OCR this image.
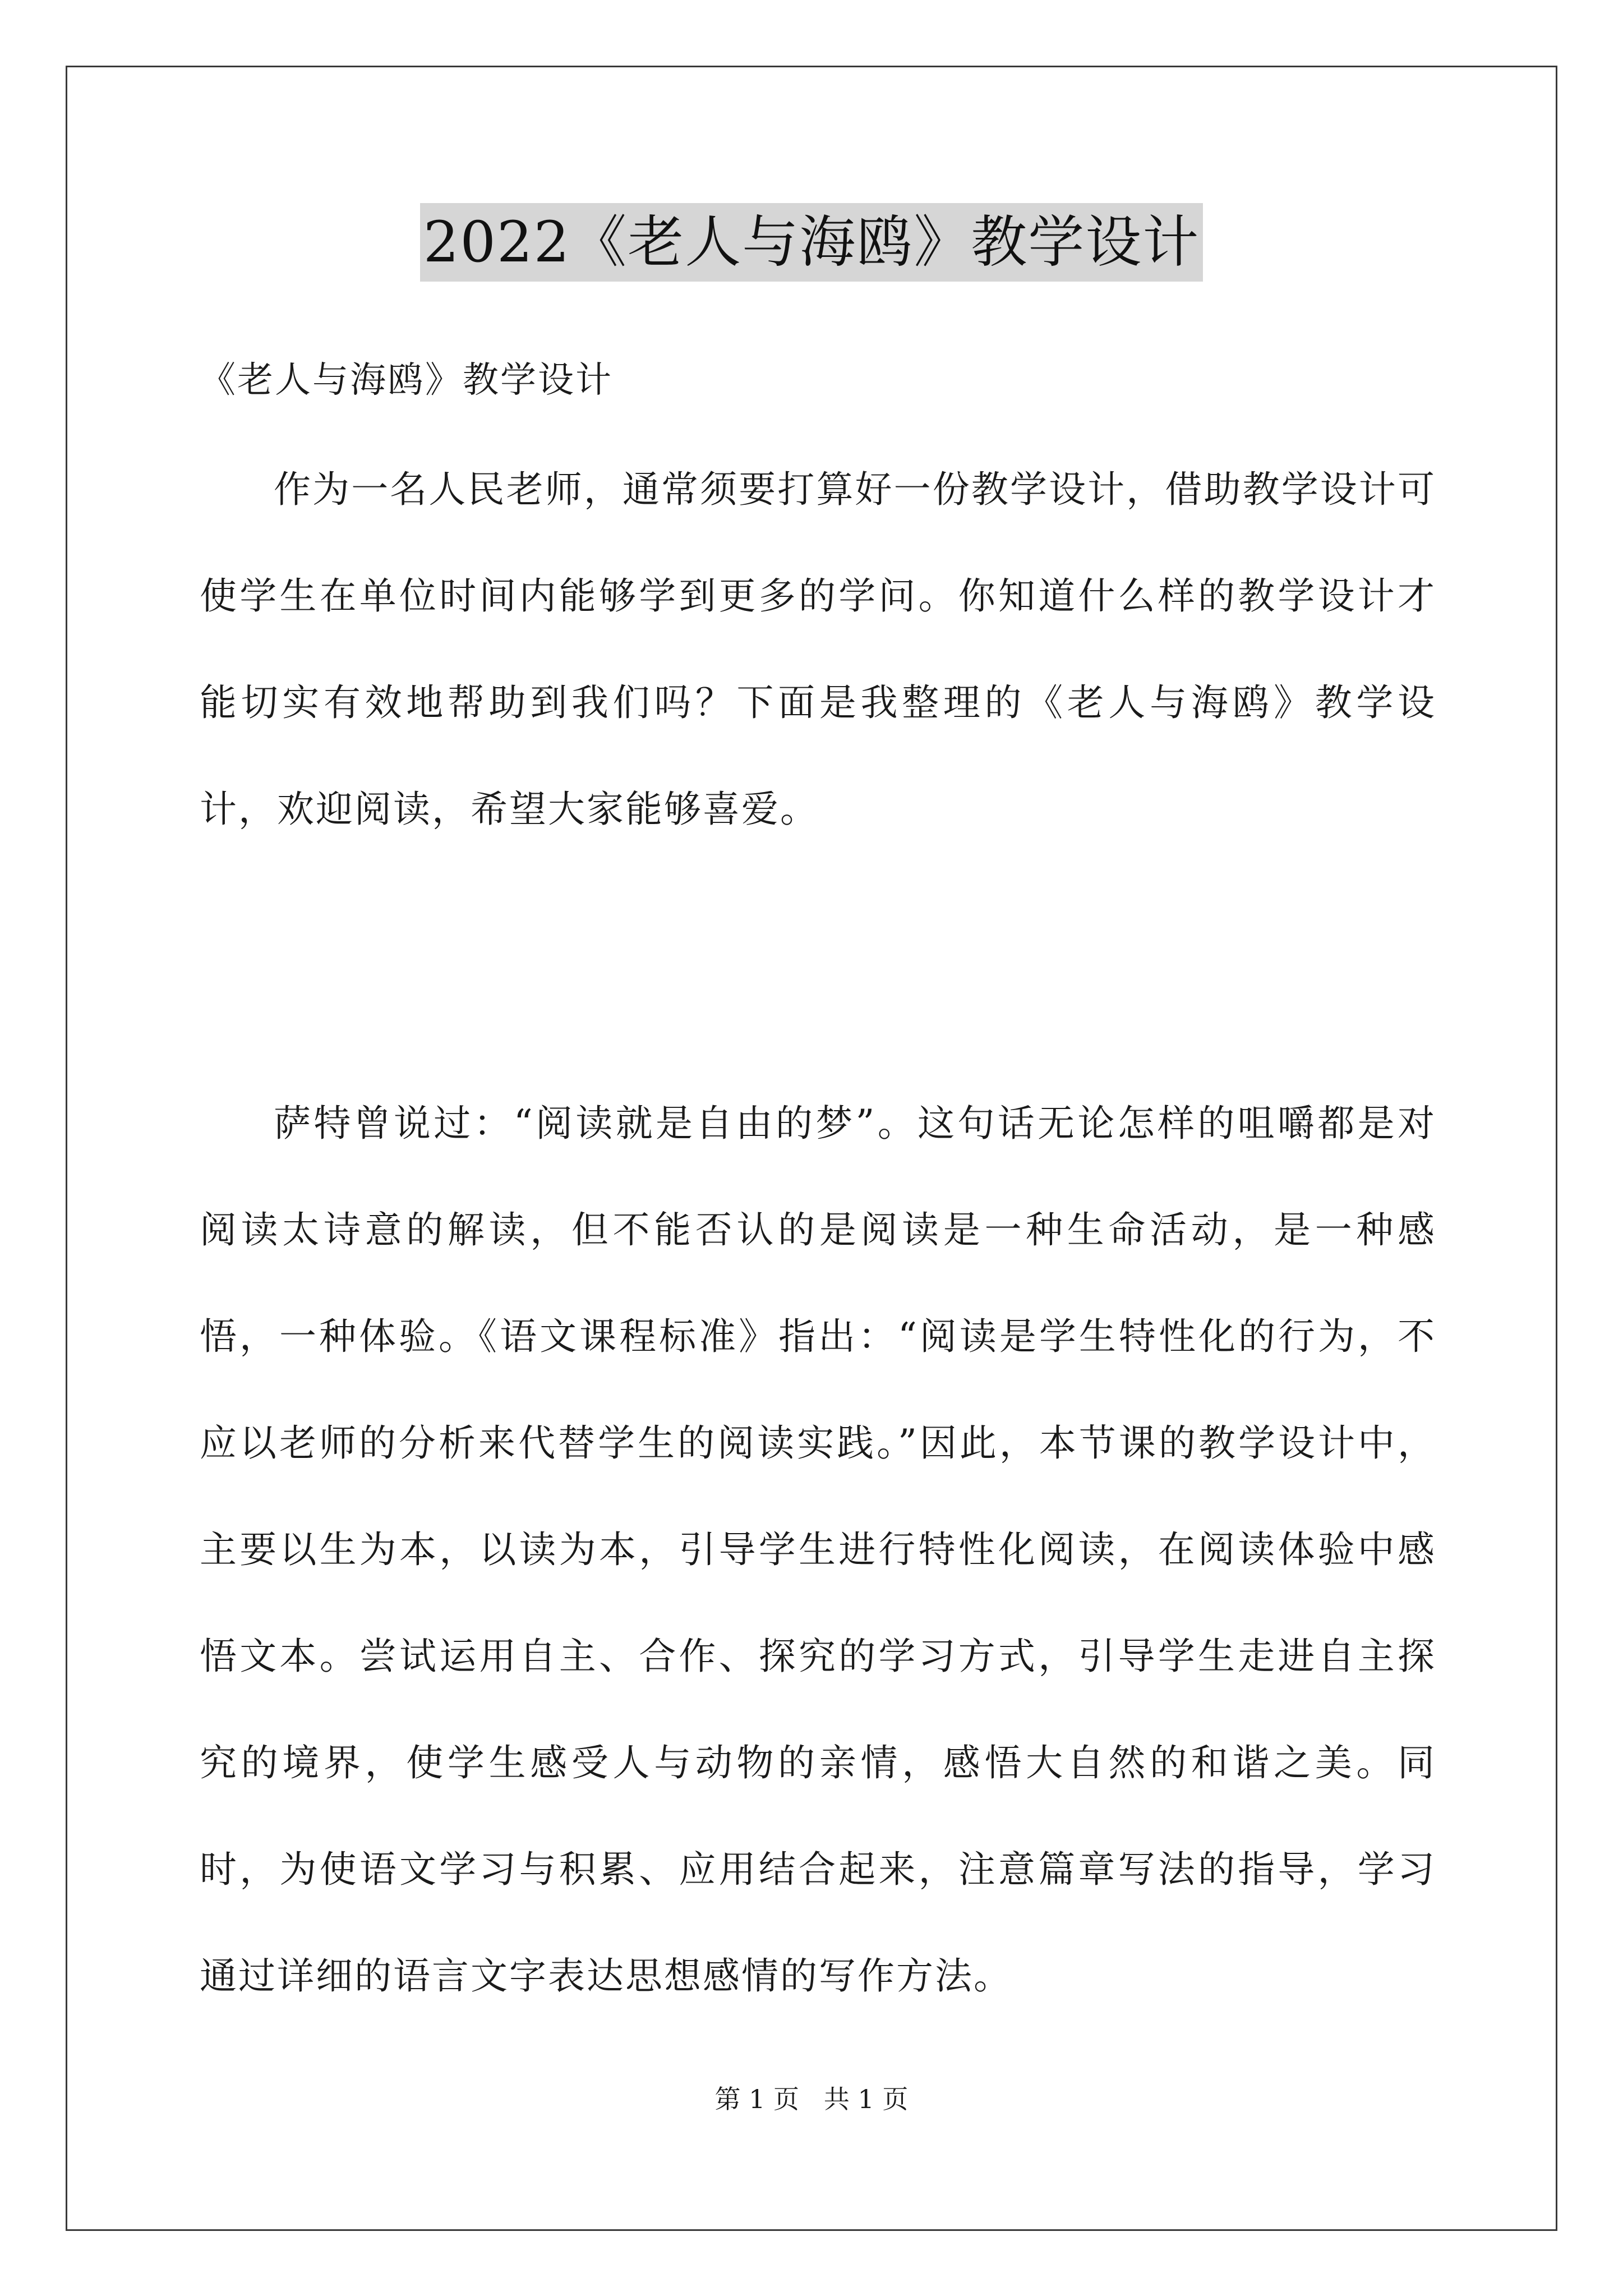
2022《老人与海鸥》教学设计

《老人与海鸥》教学设计

作为一名人民老师，通常须要打算好一份教学设计，借助教学设计可使学生在单位时间内能够学到更多的学问。你知道什么样的教学设计才能切实有效地帮助到我们吗？下面是我整理的《老人与海鸥》教学设计，欢迎阅读，希望大家能够喜爱。

萨特曾说过：“阅读就是自由的梦”。这句话无论怎样的咀嚼都是对阅读太诗意的解读，但不能否认的是阅读是一种生命活动，是一种感悟，一种体验。《语文课程标准》指出：“阅读是学生特性化的行为，不应以老师的分析来代替学生的阅读实践。”因此，本节课的教学设计中，主要以生为本，以读为本，引导学生进行特性化阅读，在阅读体验中感悟文本。尝试运用自主、合作、探究的学习方式，引导学生走进自主探究的境界，使学生感受人与动物的亲情，感悟大自然的和谐之美。同时，为使语文学习与积累、应用结合起来，注意篇章写法的指导，学习通过详细的语言文字表达思想感情的写作方法。

第 1 页   共 1 页
